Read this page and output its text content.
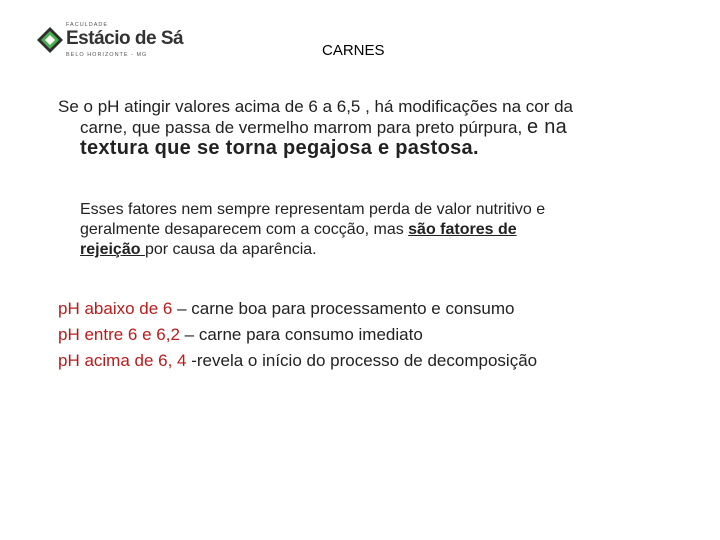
FACULDADE
Estácio de Sá
BELO HORIZONTE - MG	CARNES
Se o pH atingir valores acima de 6 a 6,5 , há modificações na cor da
carne, que passa de vermelho marrom para preto púrpura, e na
textura que se torna pegajosa e pastosa.
Esses fatores nem sempre representam perda de valor nutritivo e
geralmente desaparecem com a cocção, mas são fatores de
rejeição por causa da aparência.
pH abaixo de 6 – carne boa para processamento e consumo
pH entre 6 e 6,2 – carne para consumo imediato
pH acima de 6, 4 -revela o início do processo de decomposição
